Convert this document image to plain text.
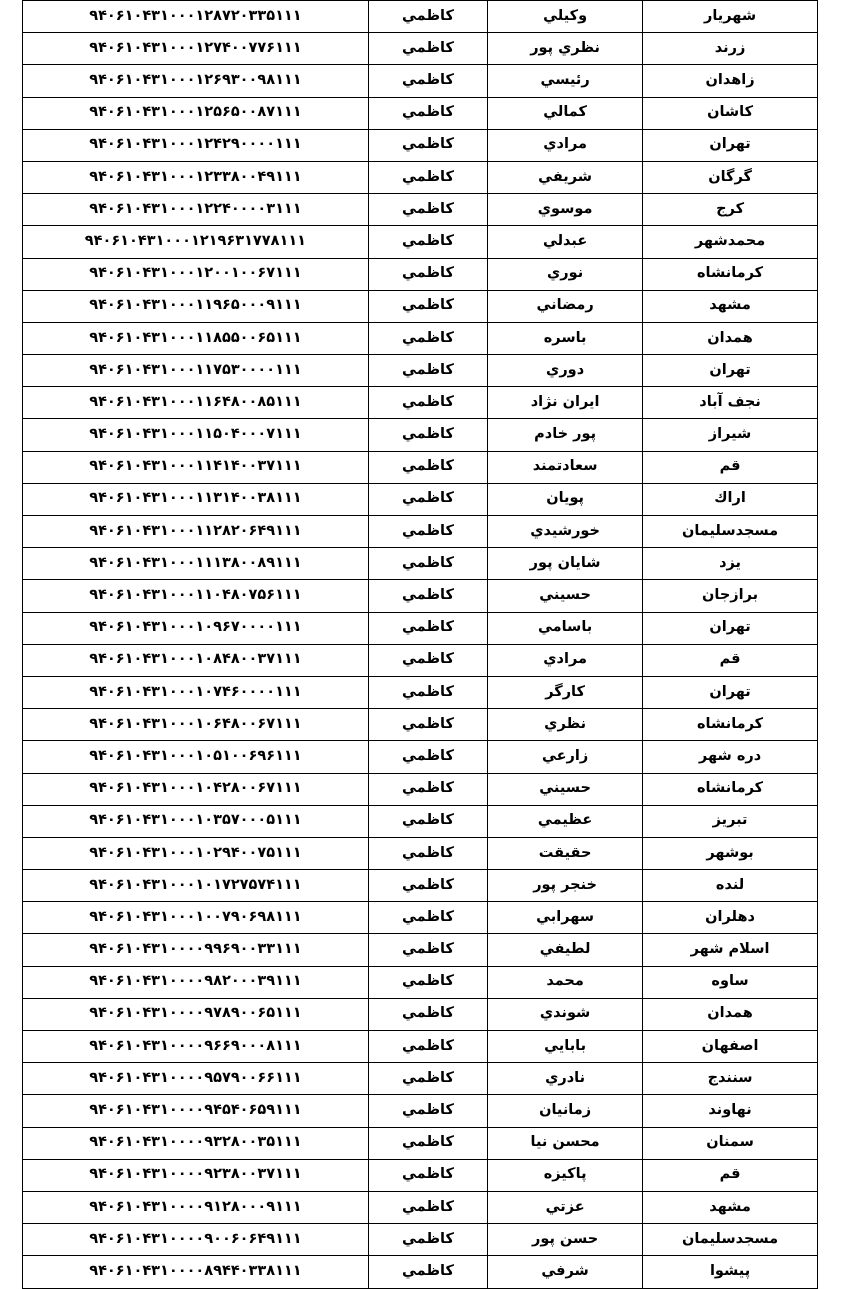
شهريار	وكيلي	كاظمي	۹۴۰۶۱۰۴۳۱۰۰۰۱۲۸۷۲۰۳۳۵۱۱۱
زرند	نظري پور	كاظمي	۹۴۰۶۱۰۴۳۱۰۰۰۱۲۷۴۰۰۷۷۶۱۱۱
زاهدان	رئيسي	كاظمي	۹۴۰۶۱۰۴۳۱۰۰۰۱۲۶۹۳۰۰۹۸۱۱۱
كاشان	كمالي	كاظمي	۹۴۰۶۱۰۴۳۱۰۰۰۱۲۵۶۵۰۰۸۷۱۱۱
تهران	مرادي	كاظمي	۹۴۰۶۱۰۴۳۱۰۰۰۱۲۴۲۹۰۰۰۰۱۱۱
گرگان	شريفي	كاظمي	۹۴۰۶۱۰۴۳۱۰۰۰۱۲۳۳۸۰۰۴۹۱۱۱
كرج	موسوي	كاظمي	۹۴۰۶۱۰۴۳۱۰۰۰۱۲۲۴۰۰۰۰۳۱۱۱
محمدشهر	عبدلي	كاظمي	۹۴۰۶۱۰۴۳۱۰۰۰۱۲۱۹۶۳۱۷۷۸۱۱۱
كرمانشاه	نوري	كاظمي	۹۴۰۶۱۰۴۳۱۰۰۰۱۲۰۰۱۰۰۶۷۱۱۱
مشهد	رمضاني	كاظمي	۹۴۰۶۱۰۴۳۱۰۰۰۱۱۹۶۵۰۰۰۹۱۱۱
همدان	باسره	كاظمي	۹۴۰۶۱۰۴۳۱۰۰۰۱۱۸۵۵۰۰۶۵۱۱۱
تهران	دوري	كاظمي	۹۴۰۶۱۰۴۳۱۰۰۰۱۱۷۵۳۰۰۰۰۱۱۱
نجف آباد	ايران نژاد	كاظمي	۹۴۰۶۱۰۴۳۱۰۰۰۱۱۶۴۸۰۰۸۵۱۱۱
شيراز	پور خادم	كاظمي	۹۴۰۶۱۰۴۳۱۰۰۰۱۱۵۰۴۰۰۰۷۱۱۱
قم	سعادتمند	كاظمي	۹۴۰۶۱۰۴۳۱۰۰۰۱۱۴۱۴۰۰۳۷۱۱۱
اراك	پويان	كاظمي	۹۴۰۶۱۰۴۳۱۰۰۰۱۱۳۱۴۰۰۳۸۱۱۱
مسجدسليمان	خورشيدي	كاظمي	۹۴۰۶۱۰۴۳۱۰۰۰۱۱۲۸۲۰۶۴۹۱۱۱
يزد	شايان پور	كاظمي	۹۴۰۶۱۰۴۳۱۰۰۰۱۱۱۳۸۰۰۸۹۱۱۱
برازجان	حسيني	كاظمي	۹۴۰۶۱۰۴۳۱۰۰۰۱۱۰۴۸۰۷۵۶۱۱۱
تهران	باسامي	كاظمي	۹۴۰۶۱۰۴۳۱۰۰۰۱۰۹۶۷۰۰۰۰۱۱۱
قم	مرادي	كاظمي	۹۴۰۶۱۰۴۳۱۰۰۰۱۰۸۴۸۰۰۳۷۱۱۱
تهران	كارگر	كاظمي	۹۴۰۶۱۰۴۳۱۰۰۰۱۰۷۴۶۰۰۰۰۱۱۱
كرمانشاه	نظري	كاظمي	۹۴۰۶۱۰۴۳۱۰۰۰۱۰۶۴۸۰۰۶۷۱۱۱
دره شهر	زارعي	كاظمي	۹۴۰۶۱۰۴۳۱۰۰۰۱۰۵۱۰۰۶۹۶۱۱۱
كرمانشاه	حسيني	كاظمي	۹۴۰۶۱۰۴۳۱۰۰۰۱۰۴۲۸۰۰۶۷۱۱۱
تبريز	عظيمي	كاظمي	۹۴۰۶۱۰۴۳۱۰۰۰۱۰۳۵۷۰۰۰۵۱۱۱
بوشهر	حقيقت	كاظمي	۹۴۰۶۱۰۴۳۱۰۰۰۱۰۲۹۴۰۰۷۵۱۱۱
لنده	خنجر پور	كاظمي	۹۴۰۶۱۰۴۳۱۰۰۰۱۰۱۷۲۷۵۷۴۱۱۱
دهلران	سهرابي	كاظمي	۹۴۰۶۱۰۴۳۱۰۰۰۱۰۰۷۹۰۶۹۸۱۱۱
اسلام شهر	لطيفي	كاظمي	۹۴۰۶۱۰۴۳۱۰۰۰۰۹۹۶۹۰۰۳۳۱۱۱
ساوه	محمد	كاظمي	۹۴۰۶۱۰۴۳۱۰۰۰۰۹۸۲۰۰۰۳۹۱۱۱
همدان	شوندي	كاظمي	۹۴۰۶۱۰۴۳۱۰۰۰۰۹۷۸۹۰۰۶۵۱۱۱
اصفهان	بابايي	كاظمي	۹۴۰۶۱۰۴۳۱۰۰۰۰۹۶۶۹۰۰۰۸۱۱۱
سنندج	نادري	كاظمي	۹۴۰۶۱۰۴۳۱۰۰۰۰۹۵۷۹۰۰۶۶۱۱۱
نهاوند	زمانيان	كاظمي	۹۴۰۶۱۰۴۳۱۰۰۰۰۹۴۵۴۰۶۵۹۱۱۱
سمنان	محسن نيا	كاظمي	۹۴۰۶۱۰۴۳۱۰۰۰۰۹۳۲۸۰۰۳۵۱۱۱
قم	پاكيزه	كاظمي	۹۴۰۶۱۰۴۳۱۰۰۰۰۹۲۳۸۰۰۳۷۱۱۱
مشهد	عزتي	كاظمي	۹۴۰۶۱۰۴۳۱۰۰۰۰۹۱۲۸۰۰۰۹۱۱۱
مسجدسليمان	حسن پور	كاظمي	۹۴۰۶۱۰۴۳۱۰۰۰۰۹۰۰۶۰۶۴۹۱۱۱
پيشوا	شرفي	كاظمي	۹۴۰۶۱۰۴۳۱۰۰۰۰۸۹۴۴۰۳۳۸۱۱۱
